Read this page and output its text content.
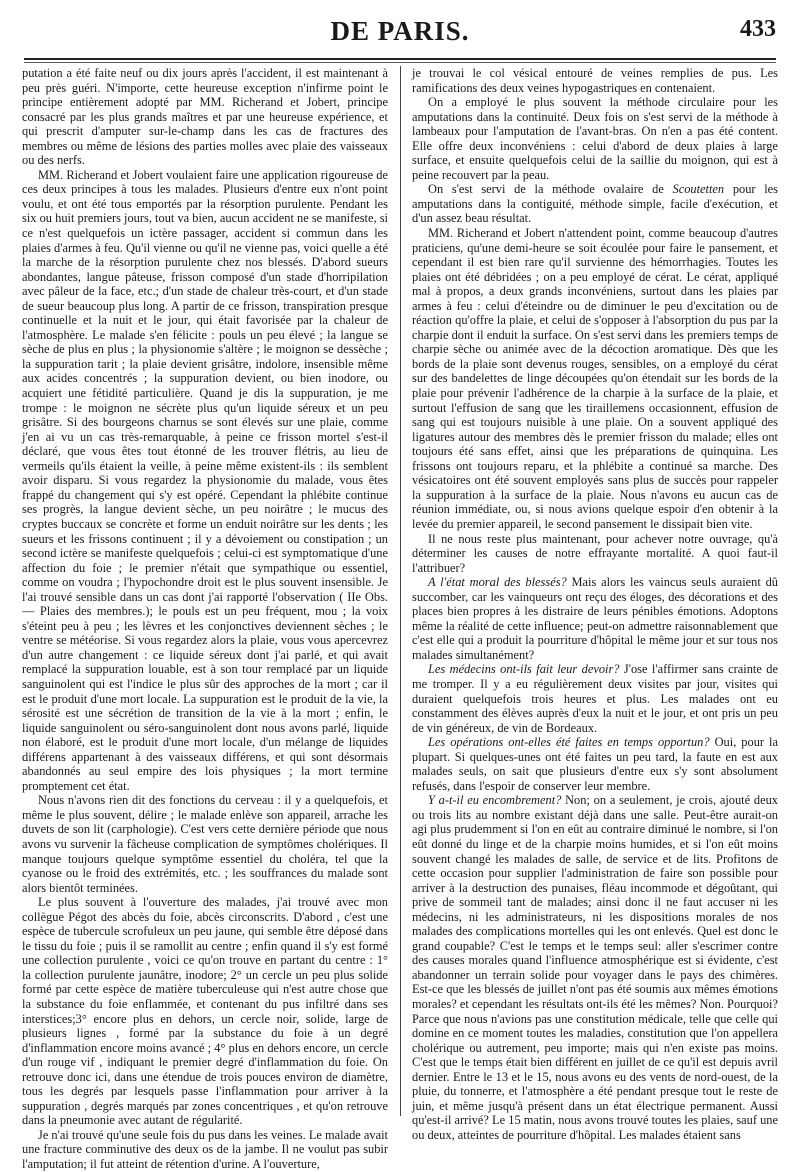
DE PARIS.	433

putation a été faite neuf ou dix jours après l'accident, il est maintenant à peu près guéri. N'importe, cette heureuse exception n'infirme point le principe entièrement adopté par MM. Richerand et Jobert, principe consacré par les plus grands maîtres et par une heureuse expérience, et qui prescrit d'amputer sur-le-champ dans les cas de fractures des membres ou même de lésions des parties molles avec plaie des vaisseaux ou des nerfs.

MM. Richerand et Jobert voulaient faire une application rigoureuse de ces deux principes à tous les malades. Plusieurs d'entre eux n'ont point voulu, et ont été tous emportés par la résorption purulente. Pendant les six ou huit premiers jours, tout va bien, aucun accident ne se manifeste, si ce n'est quelquefois un ictère passager, accident si commun dans les plaies d'armes à feu. Qu'il vienne ou qu'il ne vienne pas, voici quelle a été la marche de la résorption purulente chez nos blessés. D'abord sueurs abondantes, langue pâteuse, frisson composé d'un stade d'horripilation avec pâleur de la face, etc.; d'un stade de chaleur très-court, et d'un stade de sueur beaucoup plus long. A partir de ce frisson, transpiration presque continuelle et la nuit et le jour, qui était favorisée par la chaleur de l'atmosphère. Le malade s'en félicite : pouls un peu élevé ; la langue se sèche de plus en plus ; la physionomie s'altère ; le moignon se dessèche ; la suppuration tarit ; la plaie devient grisâtre, indolore, insensible même aux acides concentrés ; la suppuration devient, ou bien inodore, ou acquiert une fétidité particulière. Quand je dis la suppuration, je me trompe : le moignon ne sécrète plus qu'un liquide séreux et un peu grisâtre. Si des bourgeons charnus se sont élevés sur une plaie, comme j'en ai vu un cas très-remarquable, à peine ce frisson mortel s'est-il déclaré, que vous êtes tout étonné de les trouver flétris, au lieu de vermeils qu'ils étaient la veille, à peine même existent-ils : ils semblent avoir disparu. Si vous regardez la physionomie du malade, vous êtes frappé du changement qui s'y est opéré. Cependant la phlébite continue ses progrès, la langue devient sèche, un peu noirâtre ; le mucus des cryptes buccaux se concrète et forme un enduit noirâtre sur les dents ; les sueurs et les frissons continuent ; il y a dévoiement ou constipation ; un second ictère se manifeste quelquefois ; celui-ci est symptomatique d'une affection du foie ; le premier n'était que sympathique ou essentiel, comme on voudra ; l'hypochondre droit est le plus souvent insensible. Je l'ai trouvé sensible dans un cas dont j'ai rapporté l'observation ( IIe Obs. — Plaies des membres.); le pouls est un peu fréquent, mou ; la voix s'éteint peu à peu ; les lèvres et les conjonctives deviennent sèches ; le ventre se météorise. Si vous regardez alors la plaie, vous vous apercevrez d'un autre changement : ce liquide séreux dont j'ai parlé, et qui avait remplacé la suppuration louable, est à son tour remplacé par un liquide sanguinolent qui est l'indice le plus sûr des approches de la mort ; car il est le produit d'une mort locale. La suppuration est le produit de la vie, la sérosité est une sécrétion de transition de la vie à la mort ; enfin, le liquide sanguinolent ou séro-sanguinolent dont nous avons parlé, liquide non élaboré, est le produit d'une mort locale, d'un mélange de liquides différens appartenant à des vaisseaux différens, et qui sont désormais abandonnés au seul empire des lois physiques ; la mort termine promptement cet état.

Nous n'avons rien dit des fonctions du cerveau : il y a quelquefois, et même le plus souvent, délire ; le malade enlève son appareil, arrache les duvets de son lit (carphologie). C'est vers cette dernière période que nous avons vu survenir la fâcheuse complication de symptômes cholériques. Il manque toujours quelque symptôme essentiel du choléra, tel que la cyanose ou le froid des extrémités, etc. ; les souffrances du malade sont alors bientôt terminées.

Le plus souvent à l'ouverture des malades, j'ai trouvé avec mon collègue Pégot des abcès du foie, abcès circonscrits. D'abord , c'est une espèce de tubercule scrofuleux un peu jaune, qui semble être déposé dans le tissu du foie ; puis il se ramollit au centre ; enfin quand il s'y est formé une collection purulente , voici ce qu'on trouve en partant du centre : 1° la collection purulente jaunâtre, inodore; 2° un cercle un peu plus solide formé par cette espèce de matière tuberculeuse qui n'est autre chose que la substance du foie enflammée, et contenant du pus infiltré dans ses interstices;3° encore plus en dehors, un cercle noir, solide, large de plusieurs lignes , formé par la substance du foie à un degré d'inflammation encore moins avancé ; 4° plus en dehors encore, un cercle d'un rouge vif , indiquant le premier degré d'inflammation du foie. On retrouve donc ici, dans une étendue de trois pouces environ de diamètre, tous les degrés par lesquels passe l'inflammation pour arriver à la suppuration , degrés marqués par zones concentriques , et qu'on retrouve dans la pneumonie avec autant de régularité.

Je n'ai trouvé qu'une seule fois du pus dans les veines. Le malade avait une fracture comminutive des deux os de la jambe. Il ne voulut pas subir l'amputation; il fut atteint de rétention d'urine. A l'ouverture,

je trouvai le col vésical entouré de veines remplies de pus. Les ramifications des deux veines hypogastriques en contenaient.

On a employé le plus souvent la méthode circulaire pour les amputations dans la continuité. Deux fois on s'est servi de la méthode à lambeaux pour l'amputation de l'avant-bras. On n'en a pas été content. Elle offre deux inconvéniens : celui d'abord de deux plaies à large surface, et ensuite quelquefois celui de la saillie du moignon, qui est à peine recouvert par la peau.

On s'est servi de la méthode ovalaire de Scoutetten pour les amputations dans la contiguité, méthode simple, facile d'exécution, et d'un assez beau résultat.

MM. Richerand et Jobert n'attendent point, comme beaucoup d'autres praticiens, qu'une demi-heure se soit écoulée pour faire le pansement, et cependant il est bien rare qu'il survienne des hémorrhagies. Toutes les plaies ont été débridées ; on a peu employé de cérat. Le cérat, appliqué mal à propos, a deux grands inconvéniens, surtout dans les plaies par armes à feu : celui d'éteindre ou de diminuer le peu d'excitation ou de réaction qu'offre la plaie, et celui de s'opposer à l'absorption du pus par la charpie dont il enduit la surface. On s'est servi dans les premiers temps de charpie sèche ou animée avec de la décoction aromatique. Dès que les bords de la plaie sont devenus rouges, sensibles, on a employé du cérat sur des bandelettes de linge découpées qu'on étendait sur les bords de la plaie pour prévenir l'adhérence de la charpie à la surface de la plaie, et surtout l'effusion de sang que les tiraillemens occasionnent, effusion de sang qui est toujours nuisible à une plaie. On a souvent appliqué des ligatures autour des membres dès le premier frisson du malade; elles ont toujours été sans effet, ainsi que les préparations de quinquina. Les frissons ont toujours reparu, et la phlébite a continué sa marche. Des vésicatoires ont été souvent employés sans plus de succès pour rappeler la suppuration à la surface de la plaie. Nous n'avons eu aucun cas de réunion immédiate, ou, si nous avions quelque espoir d'en obtenir à la levée du premier appareil, le second pansement le dissipait bien vite.

Il ne nous reste plus maintenant, pour achever notre ouvrage, qu'à déterminer les causes de notre effrayante mortalité. A quoi faut-il l'attribuer?

A l'état moral des blessés? Mais alors les vaincus seuls auraient dû succomber, car les vainqueurs ont reçu des éloges, des décorations et des places bien propres à les distraire de leurs pénibles émotions. Adoptons même la réalité de cette influence; peut-on admettre raisonnablement que c'est elle qui a produit la pourriture d'hôpital le même jour et sur tous nos malades simultanément?

Les médecins ont-ils fait leur devoir? J'ose l'affirmer sans crainte de me tromper. Il y a eu régulièrement deux visites par jour, visites qui duraient quelquefois trois heures et plus. Les malades ont eu constamment des élèves auprès d'eux la nuit et le jour, et ont pris un peu de vin généreux, de vin de Bordeaux.

Les opérations ont-elles été faites en temps opportun? Oui, pour la plupart. Si quelques-unes ont été faites un peu tard, la faute en est aux malades seuls, on sait que plusieurs d'entre eux s'y sont absolument refusés, dans l'espoir de conserver leur membre.

Y a-t-il eu encombrement? Non; on a seulement, je crois, ajouté deux ou trois lits au nombre existant déjà dans une salle. Peut-être aurait-on agi plus prudemment si l'on en eût au contraire diminué le nombre, si l'on eût donné du linge et de la charpie moins humides, et si l'on eût moins souvent changé les malades de salle, de service et de lits. Profitons de cette occasion pour supplier l'administration de faire son possible pour arriver à la destruction des punaises, fléau incommode et dégoûtant, qui prive de sommeil tant de malades; ainsi donc il ne faut accuser ni les médecins, ni les administrateurs, ni les dispositions morales de nos malades des complications mortelles qui les ont enlevés. Quel est donc le grand coupable? C'est le temps et le temps seul: aller s'escrimer contre des causes morales quand l'influence atmosphérique est si évidente, c'est abandonner un terrain solide pour voyager dans le pays des chimères. Est-ce que les blessés de juillet n'ont pas été soumis aux mêmes émotions morales? et cependant les résultats ont-ils été les mêmes? Non. Pourquoi? Parce que nous n'avions pas une constitution médicale, telle que celle qui domine en ce moment toutes les maladies, constitution que l'on appellera cholérique ou autrement, peu importe; mais qui n'en existe pas moins. C'est que le temps était bien différent en juillet de ce qu'il est depuis avril dernier. Entre le 13 et le 15, nous avons eu des vents de nord-ouest, de la pluie, du tonnerre, et l'atmosphère a été pendant presque tout le reste de juin, et même jusqu'à présent dans un état électrique permanent. Aussi qu'est-il arrivé? Le 15 matin, nous avons trouvé toutes les plaies, sauf une ou deux, atteintes de pourriture d'hôpital. Les malades étaient sans
